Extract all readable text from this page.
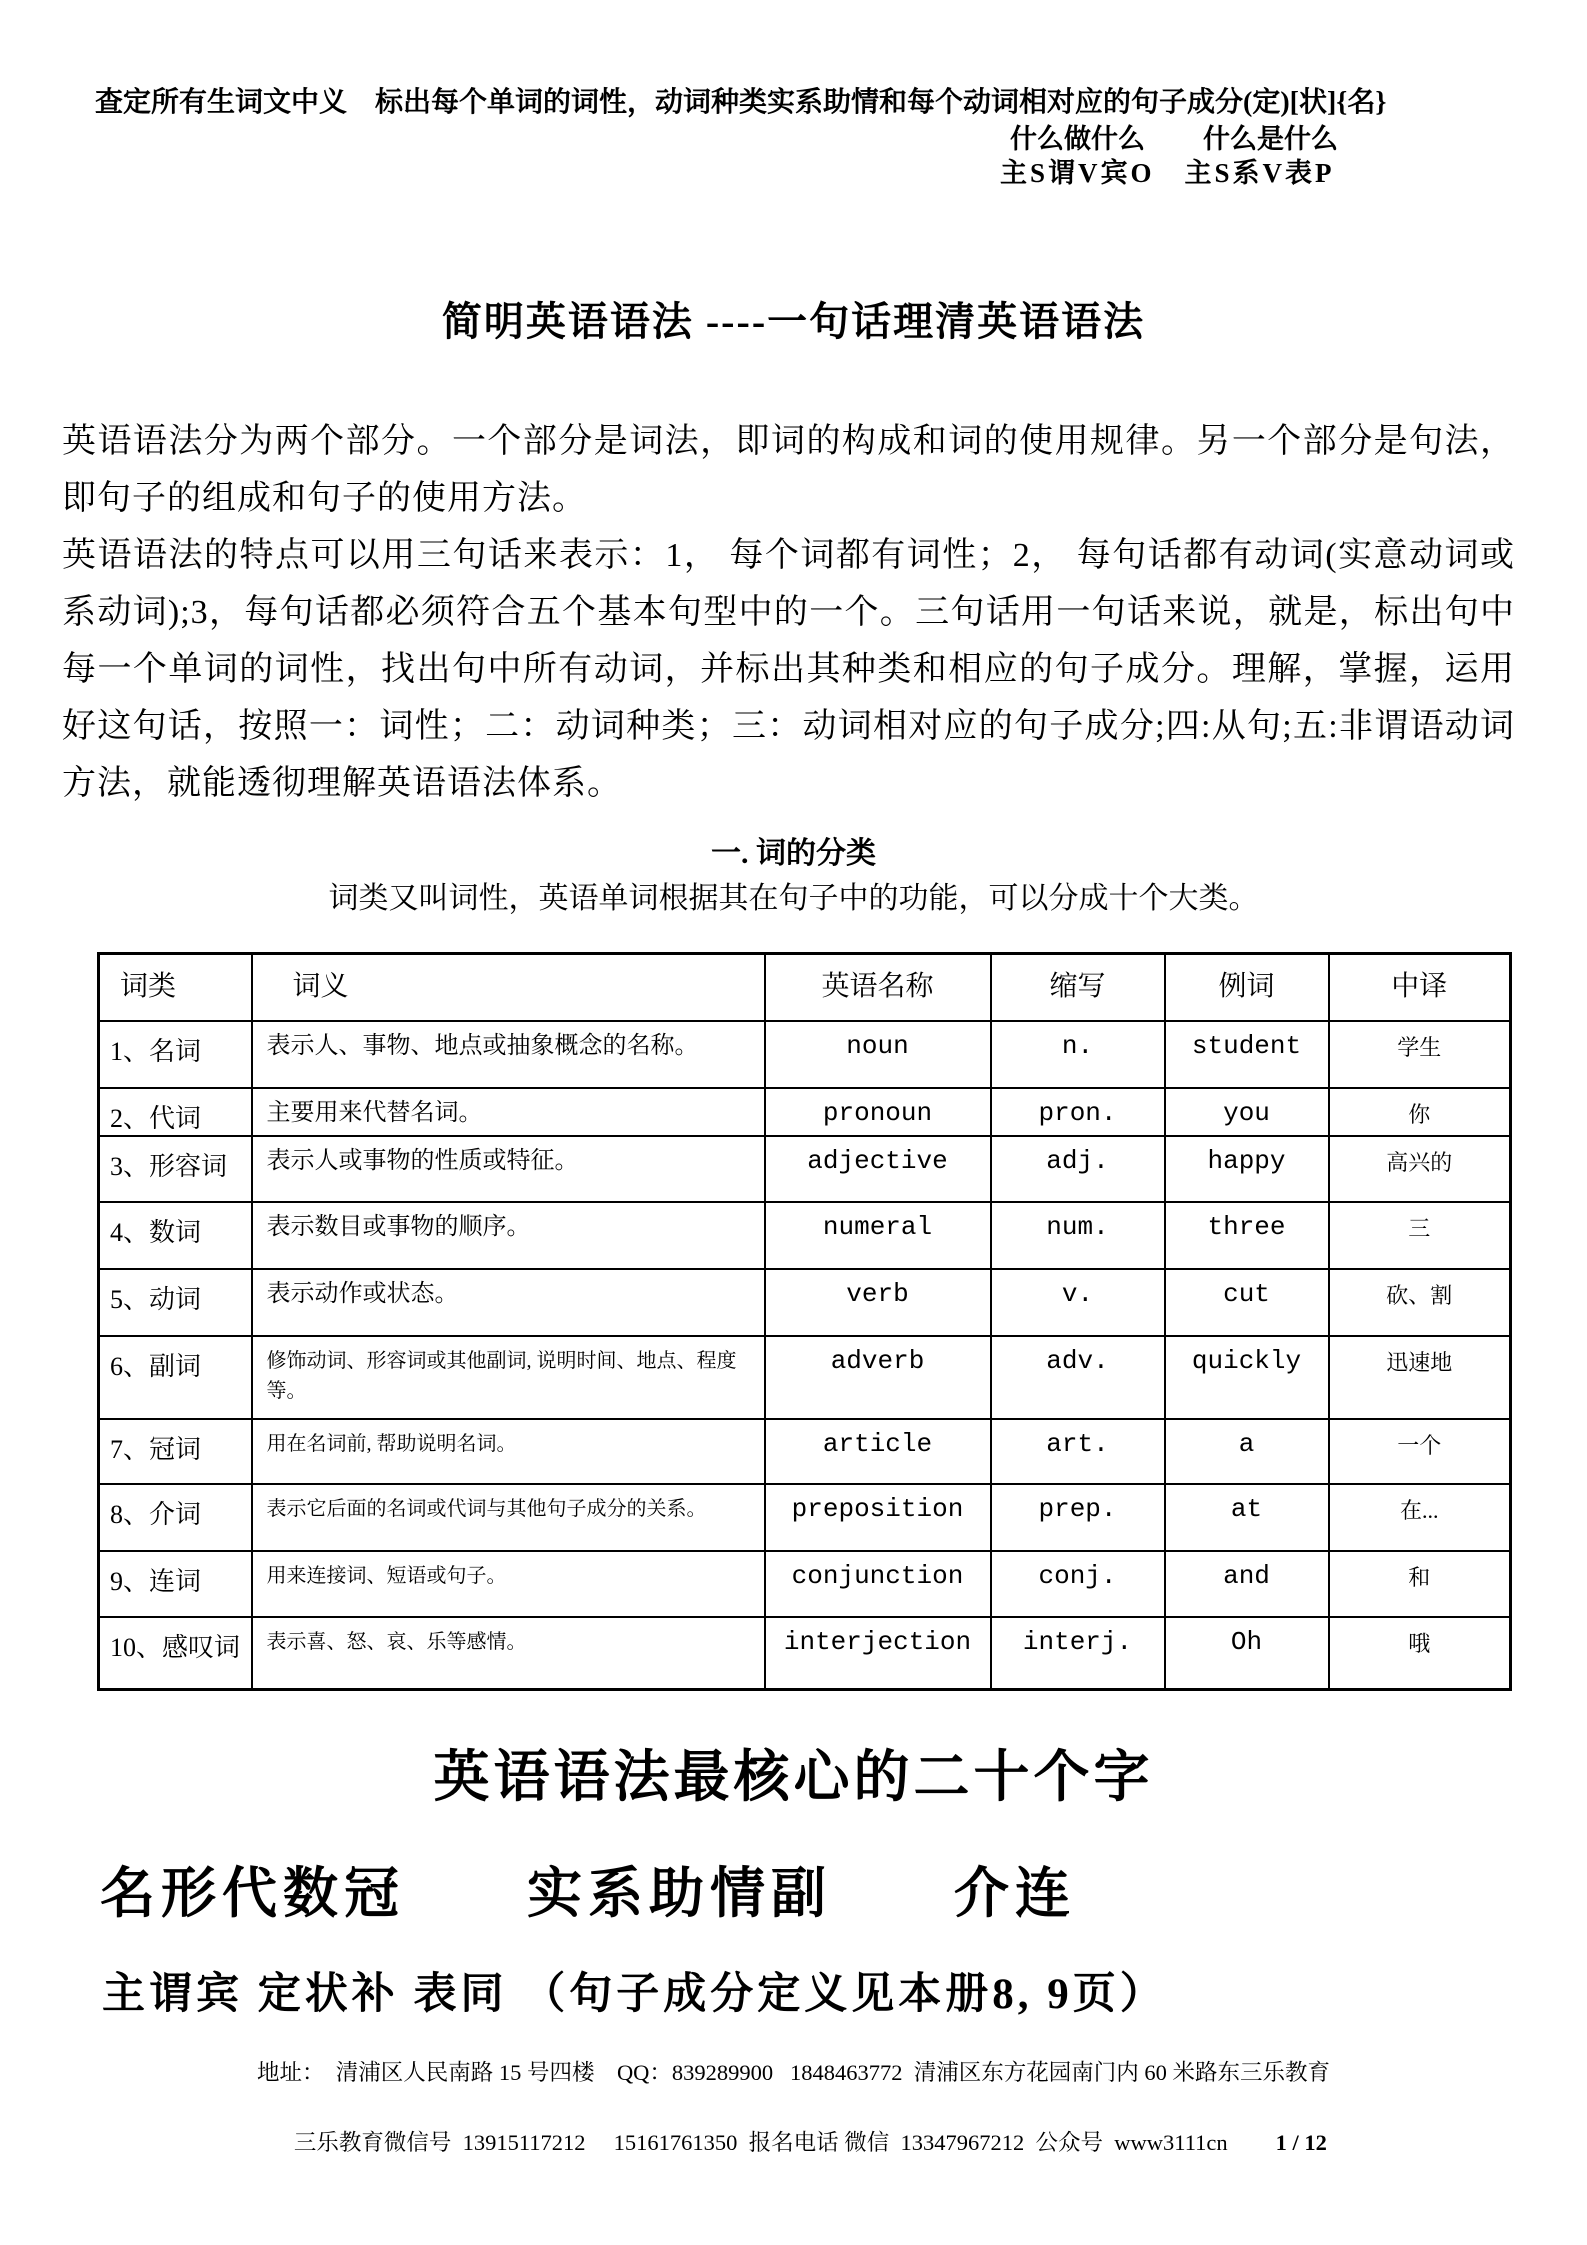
查定所有生词文中义　标出每个单词的词性，动词种类实系助情和每个动词相对应的句子成分(定)[状]{名}
什么做什么 什么是什么
主S谓V宾O 主S系V表P
简明英语语法 ----一句话理清英语语法

英语语法分为两个部分。一个部分是词法，即词的构成和词的使用规律。另一个部分是句法，即句子的组成和句子的使用方法。

英语语法的特点可以用三句话来表示：1， 每个词都有词性；2， 每句话都有动词(实意动词或系动词);3，每句话都必须符合五个基本句型中的一个。三句话用一句话来说，就是，标出句中每一个单词的词性，找出句中所有动词，并标出其种类和相应的句子成分。理解，掌握，运用好这句话，按照一：词性；二：动词种类；三：动词相对应的句子成分;四:从句;五:非谓语动词方法，就能透彻理解英语语法体系。

一. 词的分类
词类又叫词性，英语单词根据其在句子中的功能，可以分成十个大类。
词类	词义	英语名称	缩写	例词	中译
1、名词	表示人、事物、地点或抽象概念的名称。	noun	n.	student	学生
2、代词	主要用来代替名词。	pronoun	pron.	you	你
3、形容词	表示人或事物的性质或特征。	adjective	adj.	happy	高兴的
4、数词	表示数目或事物的顺序。	numeral	num.	three	三
5、动词	表示动作或状态。	verb	v.	cut	砍、割
6、副词	修饰动词、形容词或其他副词, 说明时间、地点、程度等。	adverb	adv.	quickly	迅速地
7、冠词	用在名词前, 帮助说明名词。	article	art.	a	一个
8、介词	表示它后面的名词或代词与其他句子成分的关系。	preposition	prep.	at	在...
9、连词	用来连接词、短语或句子。	conjunction	conj.	and	和
10、感叹词	表示喜、怒、哀、乐等感情。	interjection	interj.	Oh	哦
英语语法最核心的二十个字
名形代数冠　　实系助情副　　介连
主谓宾 定状补 表同 （句子成分定义见本册8, 9页）
地址：  清浦区人民南路 15 号四楼    QQ：839289900   1848463772  清浦区东方花园南门内 60 米路东三乐教育

三乐教育微信号  13915117212     15161761350  报名电话 微信  13347967212  公众号  www3111cn 1 / 12
